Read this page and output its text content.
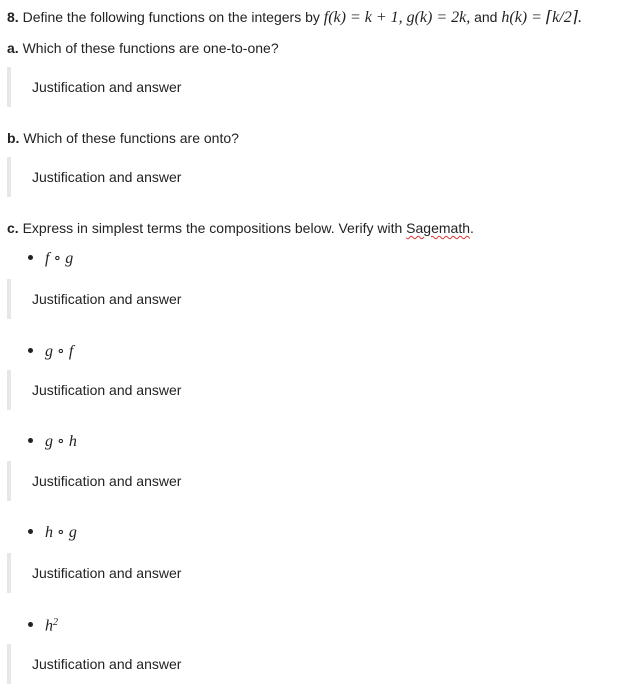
8. Define the following functions on the integers by f(k) = k + 1, g(k) = 2k, and h(k) = ⌈k/2⌉.
a. Which of these functions are one-to-one?
Justification and answer
b. Which of these functions are onto?
Justification and answer
c. Express in simplest terms the compositions below. Verify with Sagemath.
f ∘ g
Justification and answer
g ∘ f
Justification and answer
g ∘ h
Justification and answer
h ∘ g
Justification and answer
$h^2$
Justification and answer
